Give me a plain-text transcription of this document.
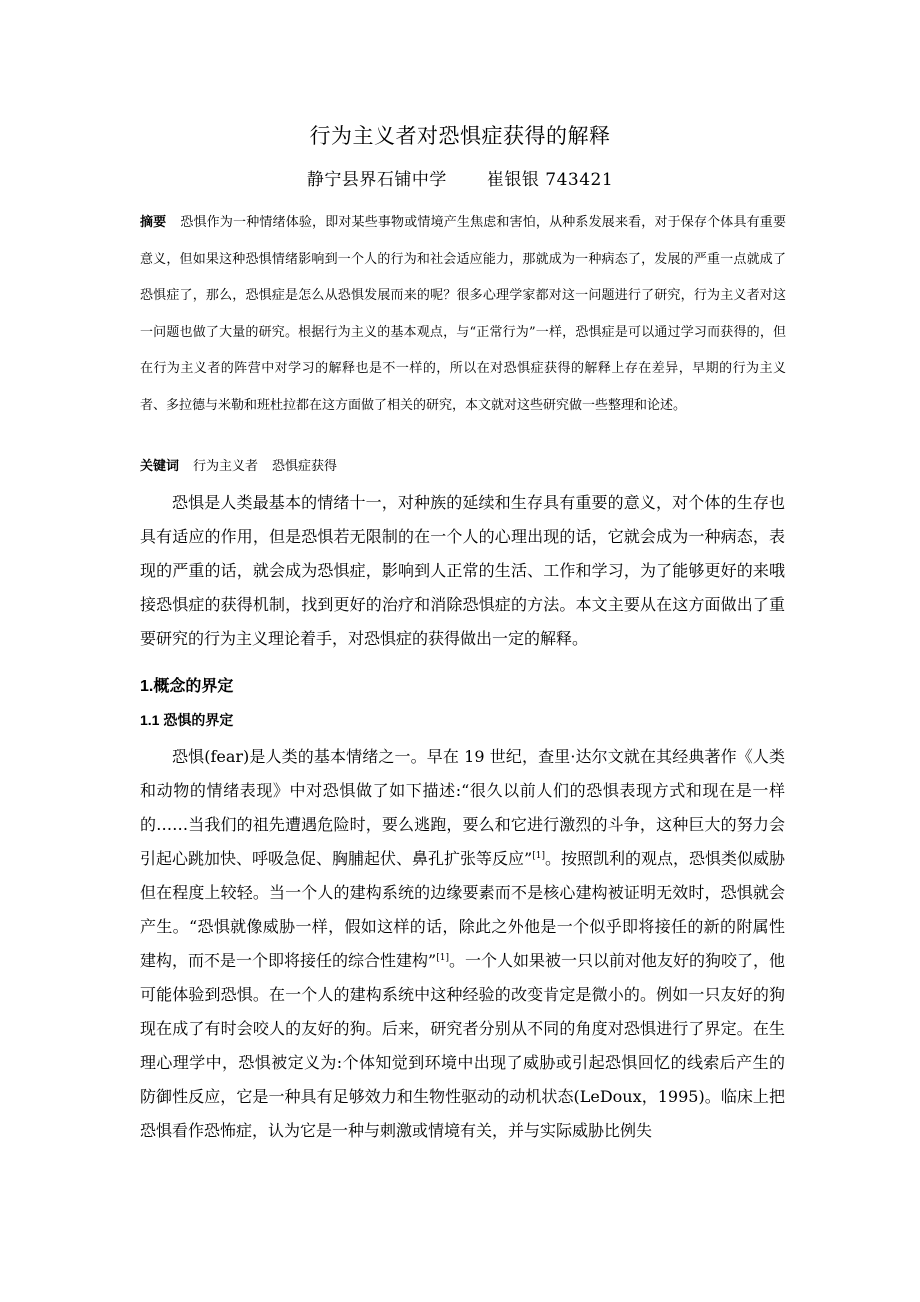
行为主义者对恐惧症获得的解释
静宁县界石铺中学 崔银银 743421
摘要 恐惧作为一种情绪体验，即对某些事物或情境产生焦虑和害怕，从种系发展来看，对于保存个体具有重要意义，但如果这种恐惧情绪影响到一个人的行为和社会适应能力，那就成为一种病态了，发展的严重一点就成了恐惧症了，那么，恐惧症是怎么从恐惧发展而来的呢？很多心理学家都对这一问题进行了研究，行为主义者对这一问题也做了大量的研究。根据行为主义的基本观点，与“正常行为”一样，恐惧症是可以通过学习而获得的，但在行为主义者的阵营中对学习的解释也是不一样的，所以在对恐惧症获得的解释上存在差异，早期的行为主义者、多拉德与米勒和班杜拉都在这方面做了相关的研究，本文就对这些研究做一些整理和论述。
关键词 行为主义者 恐惧症获得

恐惧是人类最基本的情绪十一，对种族的延续和生存具有重要的意义，对个体的生存也具有适应的作用，但是恐惧若无限制的在一个人的心理出现的话，它就会成为一种病态，表现的严重的话，就会成为恐惧症，影响到人正常的生活、工作和学习，为了能够更好的来哦接恐惧症的获得机制，找到更好的治疗和消除恐惧症的方法。本文主要从在这方面做出了重要研究的行为主义理论着手，对恐惧症的获得做出一定的解释。

1.概念的界定
1.1 恐惧的界定

恐惧(fear)是人类的基本情绪之一。早在 19 世纪，查里·达尔文就在其经典著作《人类和动物的情绪表现》中对恐惧做了如下描述:“很久以前人们的恐惧表现方式和现在是一样的……当我们的祖先遭遇危险时，要么逃跑，要么和它进行激烈的斗争，这种巨大的努力会引起心跳加快、呼吸急促、胸脯起伏、鼻孔扩张等反应”[1]。按照凯利的观点，恐惧类似威胁但在程度上较轻。当一个人的建构系统的边缘要素而不是核心建构被证明无效时，恐惧就会产生。“恐惧就像威胁一样，假如这样的话，除此之外他是一个似乎即将接任的新的附属性建构，而不是一个即将接任的综合性建构”[1]。一个人如果被一只以前对他友好的狗咬了，他可能体验到恐惧。在一个人的建构系统中这种经验的改变肯定是微小的。例如一只友好的狗现在成了有时会咬人的友好的狗。后来，研究者分别从不同的角度对恐惧进行了界定。在生理心理学中，恐惧被定义为:个体知觉到环境中出现了威胁或引起恐惧回忆的线索后产生的防御性反应，它是一种具有足够效力和生物性驱动的动机状态(LeDoux，1995)。临床上把恐惧看作恐怖症，认为它是一种与刺激或情境有关，并与实际威胁比例失
